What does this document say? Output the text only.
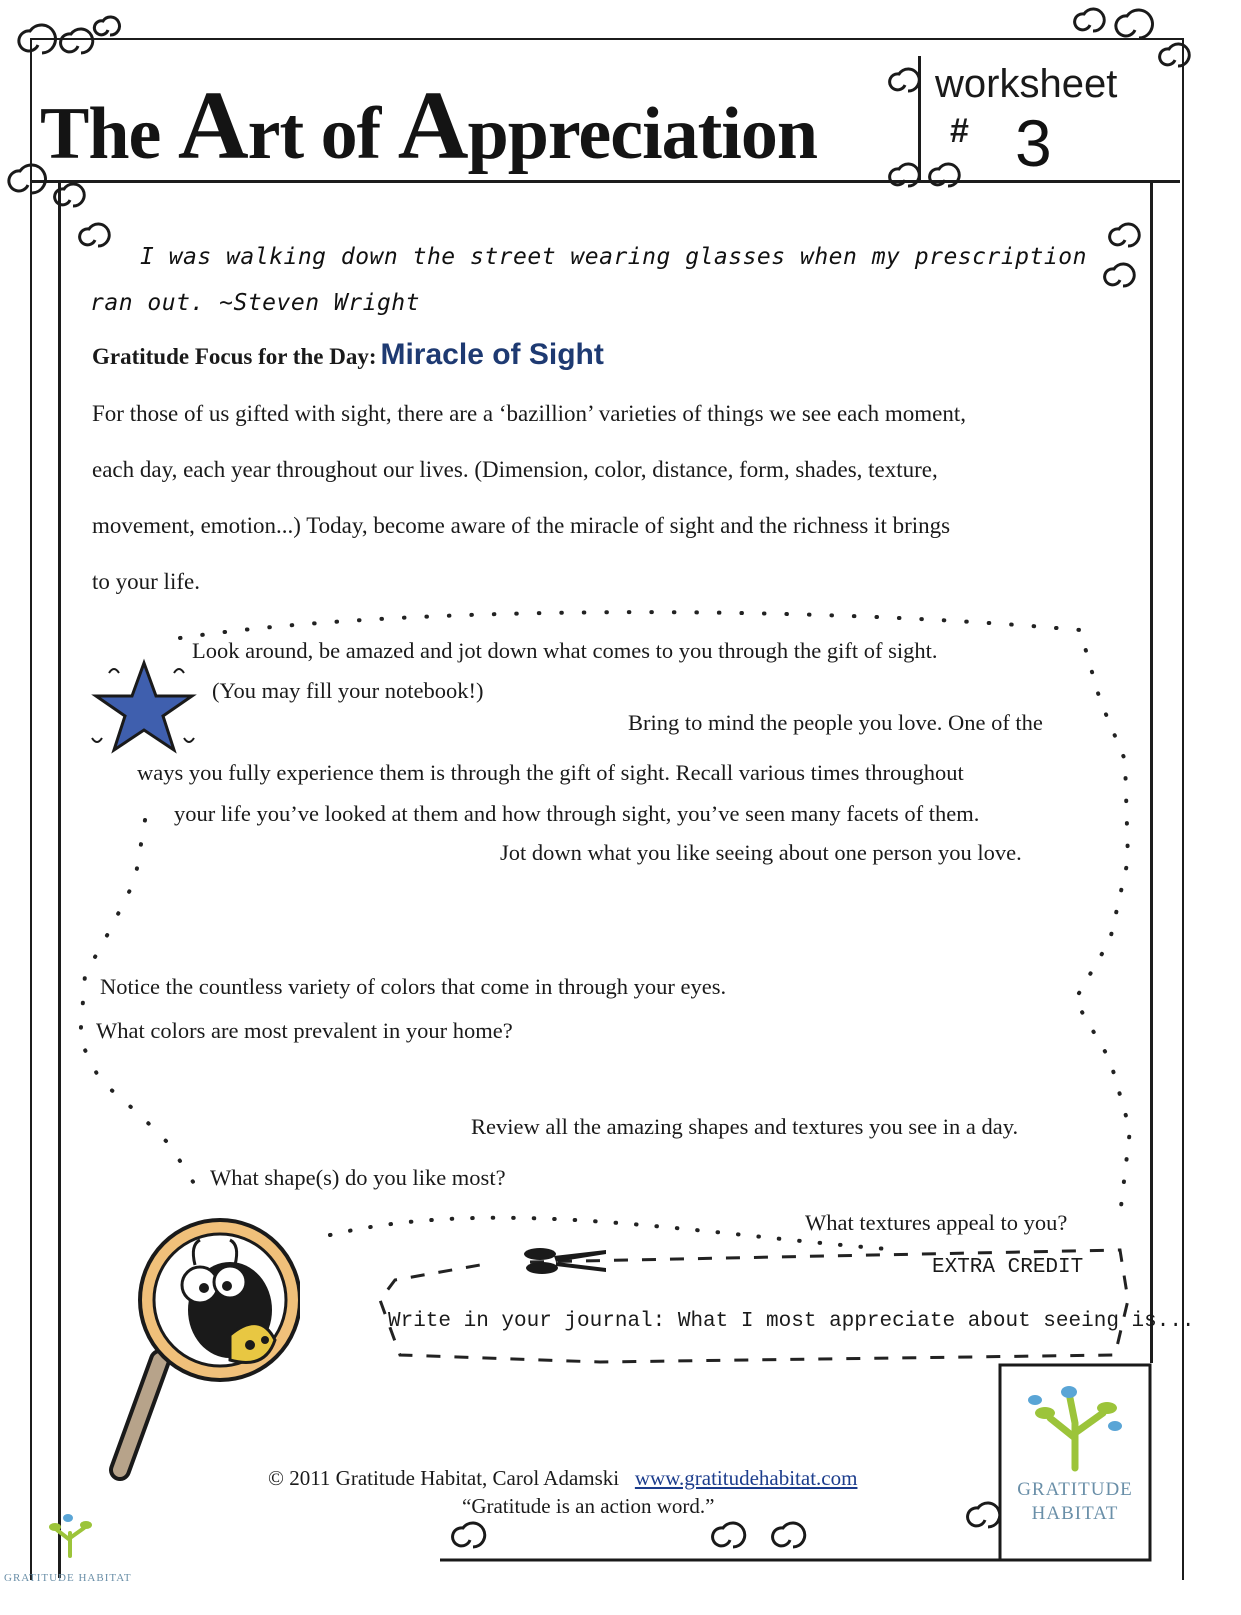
The Art of Appreciation
worksheet
# 3
I was walking down the street wearing glasses when my prescription
ran out. ~Steven Wright
Gratitude Focus for the Day: Miracle of Sight
For those of us gifted with sight, there are a ‘bazillion’ varieties of things we see each moment,
each day, each year throughout our lives. (Dimension, color, distance, form, shades, texture,
movement, emotion...) Today, become aware of the miracle of sight and the richness it brings
to your life.
Look around, be amazed and jot down what comes to you through the gift of sight.
(You may fill your notebook!)
Bring to mind the people you love. One of the
ways you fully experience them is through the gift of sight. Recall various times throughout
your life you’ve looked at them and how through sight, you’ve seen many facets of them.
Jot down what you like seeing about one person you love.
Notice the countless variety of colors that come in through your eyes.
What colors are most prevalent in your home?
Review all the amazing shapes and textures you see in a day.
What shape(s) do you like most?
What textures appeal to you?
EXTRA CREDIT
Write in your journal: What I most appreciate about seeing is...
© 2011 Gratitude Habitat, Carol Adamski www.gratitudehabitat.com
“Gratitude is an action word.”
GRATITUDE
HABITAT
GRATITUDE HABITAT
